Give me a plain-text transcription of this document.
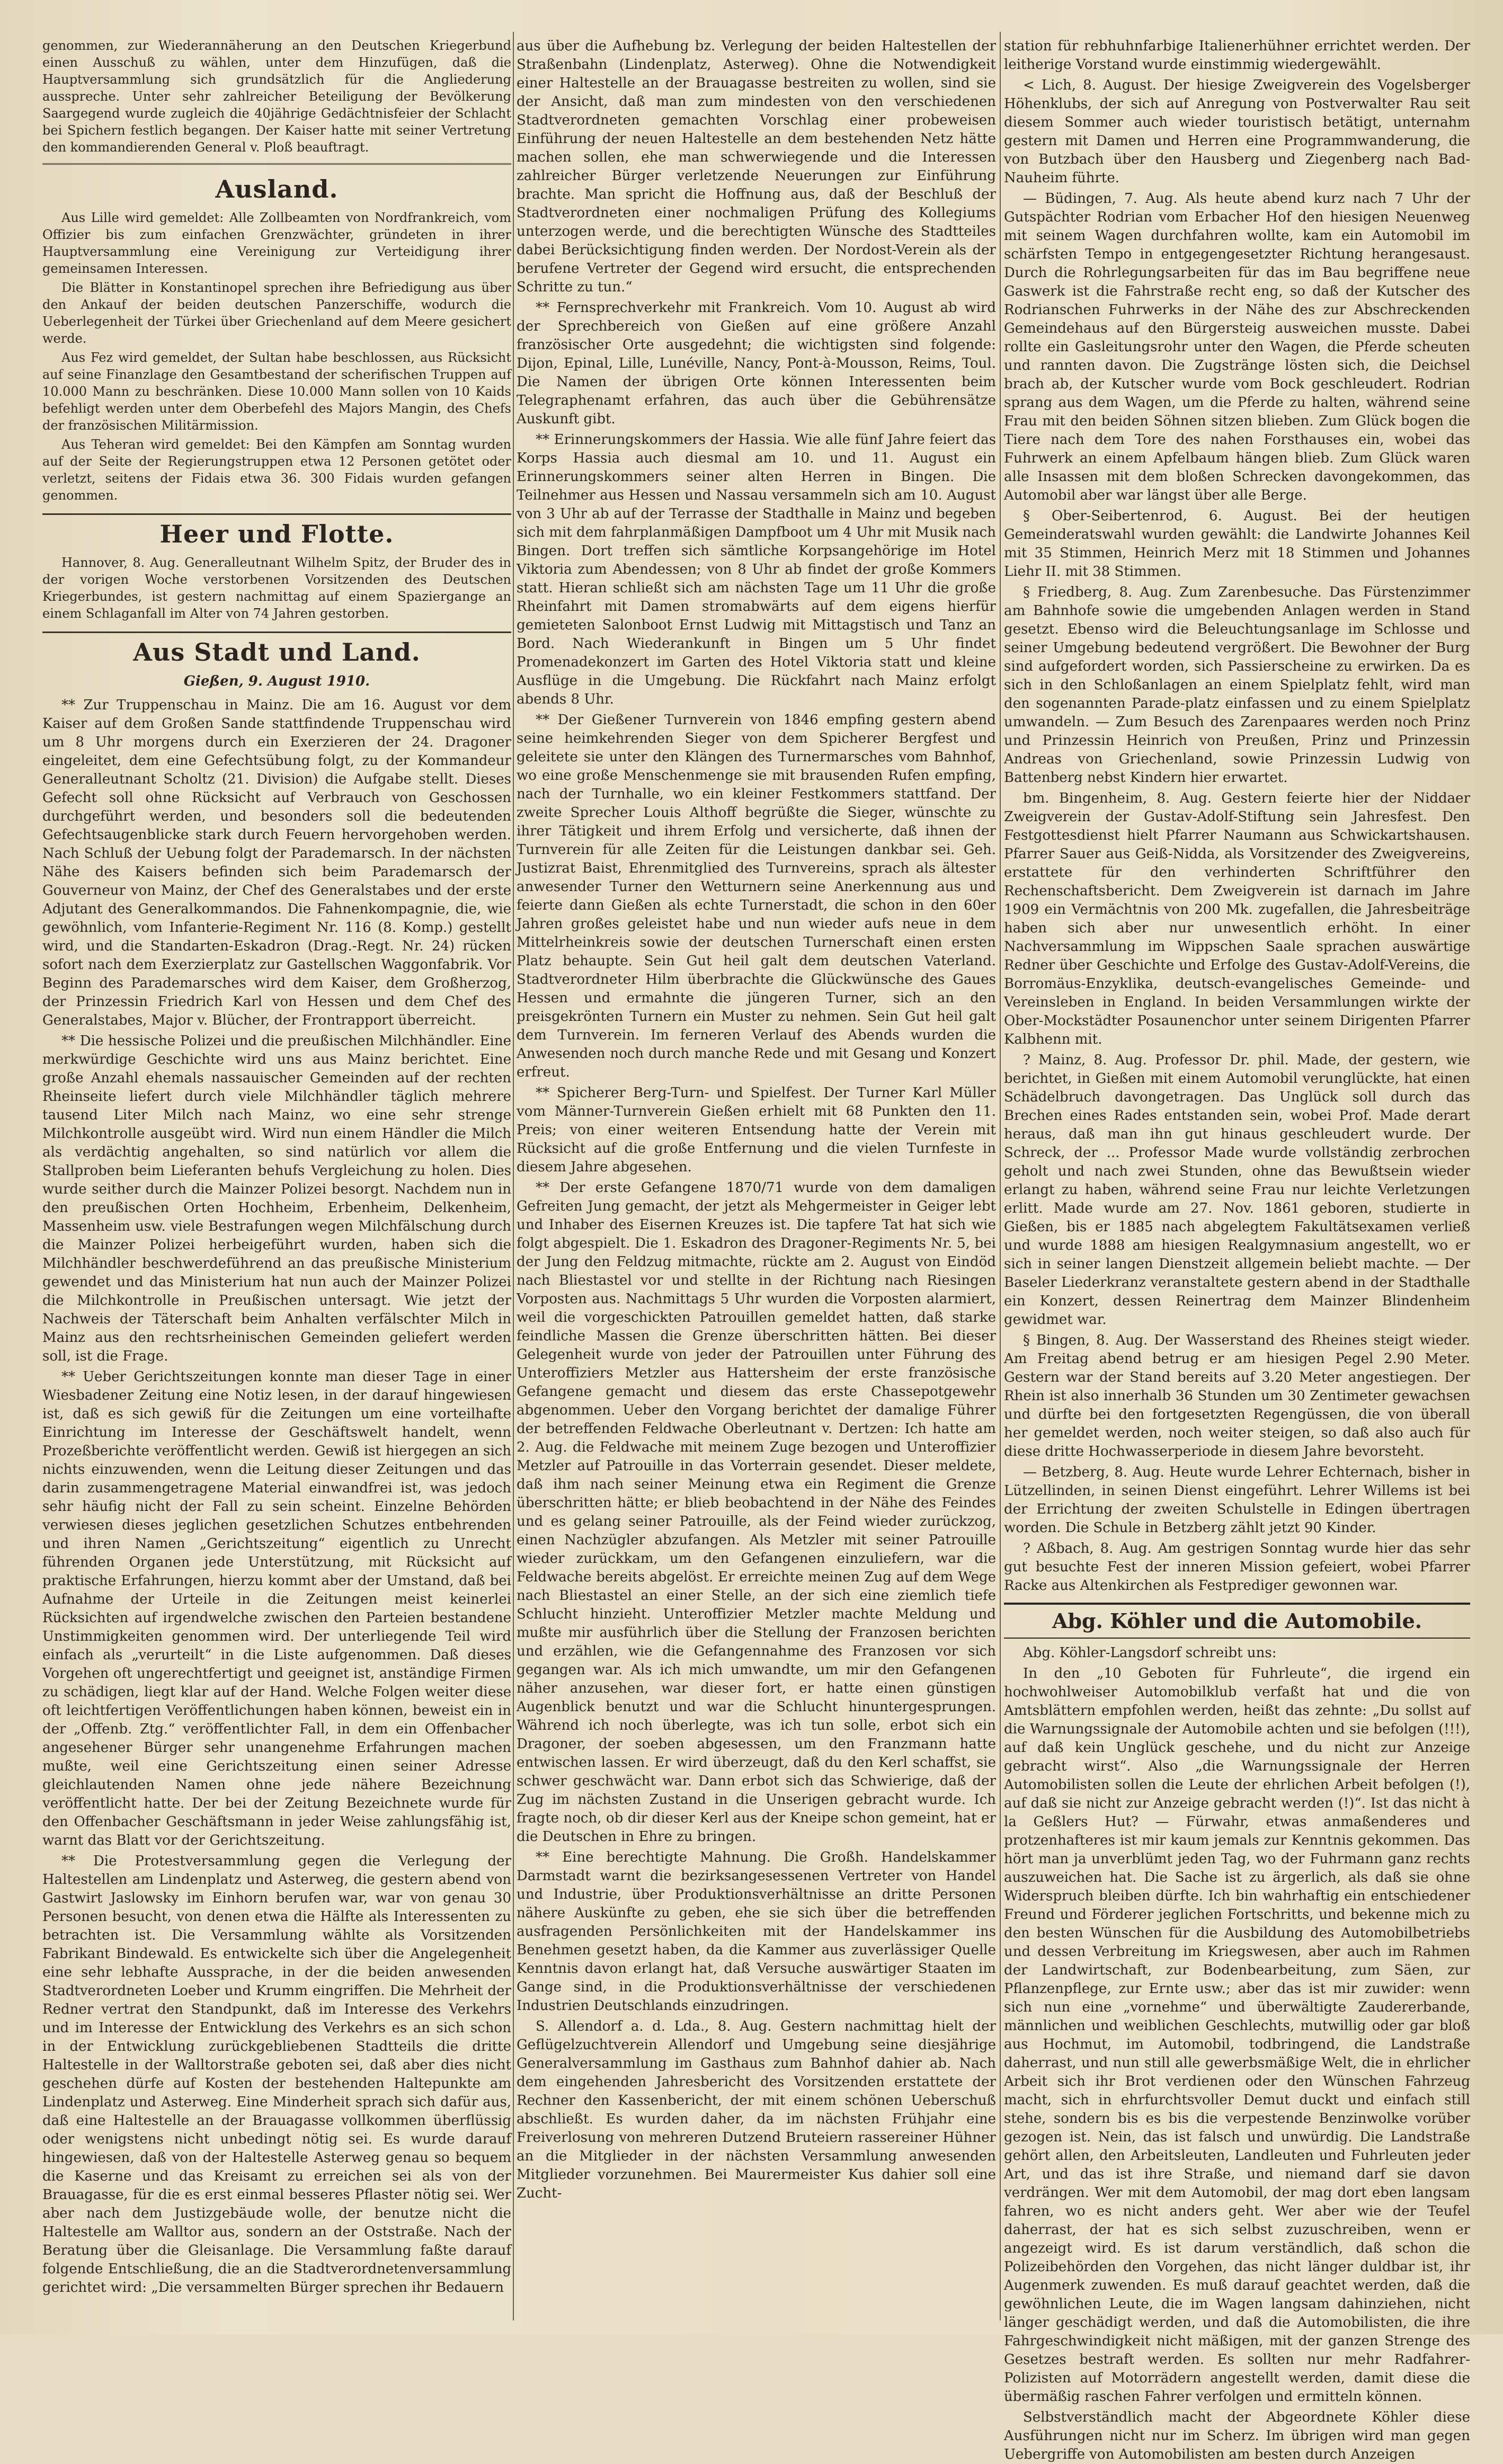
genommen, zur Wiederannäherung an den Deutschen Kriegerbund einen Ausschuß zu wählen, unter dem Hinzufügen, daß die Hauptversammlung sich grundsätzlich für die Angliederung ausspreche. Unter sehr zahlreicher Beteiligung der Bevölkerung Saargegend wurde zugleich die 40jährige Gedächtnisfeier der Schlacht bei Spichern festlich begangen. Der Kaiser hatte mit seiner Vertretung den kommandierenden General v. Ploß beauftragt.

Ausland.

Aus Lille wird gemeldet: Alle Zollbeamten von Nordfrankreich, vom Offizier bis zum einfachen Grenzwächter, gründeten in ihrer Hauptversammlung eine Vereinigung zur Verteidigung ihrer gemeinsamen Interessen.

Die Blätter in Konstantinopel sprechen ihre Befriedigung aus über den Ankauf der beiden deutschen Panzerschiffe, wodurch die Ueberlegenheit der Türkei über Griechenland auf dem Meere gesichert werde.

Aus Fez wird gemeldet, der Sultan habe beschlossen, aus Rücksicht auf seine Finanzlage den Gesamtbestand der scherifischen Truppen auf 10.000 Mann zu beschränken. Diese 10.000 Mann sollen von 10 Kaids befehligt werden unter dem Oberbefehl des Majors Mangin, des Chefs der französischen Militärmission.

Aus Teheran wird gemeldet: Bei den Kämpfen am Sonntag wurden auf der Seite der Regierungstruppen etwa 12 Personen getötet oder verletzt, seitens der Fidais etwa 36. 300 Fidais wurden gefangen genommen.

Heer und Flotte.

Hannover, 8. Aug. Generalleutnant Wilhelm Spitz, der Bruder des in der vorigen Woche verstorbenen Vorsitzenden des Deutschen Kriegerbundes, ist gestern nachmittag auf einem Spaziergange an einem Schlaganfall im Alter von 74 Jahren gestorben.

Aus Stadt und Land.

Gießen, 9. August 1910.

** Zur Truppenschau in Mainz. Die am 16. August vor dem Kaiser auf dem Großen Sande stattfindende Truppenschau wird um 8 Uhr morgens durch ein Exerzieren der 24. Dragoner eingeleitet, dem eine Gefechtsübung folgt, zu der Kommandeur Generalleutnant Scholtz (21. Division) die Aufgabe stellt. Dieses Gefecht soll ohne Rücksicht auf Verbrauch von Geschossen durchgeführt werden, und besonders soll die bedeutenden Gefechtsaugenblicke stark durch Feuern hervorgehoben werden. Nach Schluß der Uebung folgt der Parademarsch. In der nächsten Nähe des Kaisers befinden sich beim Parademarsch der Gouverneur von Mainz, der Chef des Generalstabes und der erste Adjutant des Generalkommandos. Die Fahnenkompagnie, die, wie gewöhnlich, vom Infanterie-Regiment Nr. 116 (8. Komp.) gestellt wird, und die Standarten-Eskadron (Drag.-Regt. Nr. 24) rücken sofort nach dem Exerzierplatz zur Gastellschen Waggonfabrik. Vor Beginn des Parademarsches wird dem Kaiser, dem Großherzog, der Prinzessin Friedrich Karl von Hessen und dem Chef des Generalstabes, Major v. Blücher, der Frontrapport überreicht.

** Die hessische Polizei und die preußischen Milchhändler. Eine merkwürdige Geschichte wird uns aus Mainz berichtet. Eine große Anzahl ehemals nassauischer Gemeinden auf der rechten Rheinseite liefert durch viele Milchhändler täglich mehrere tausend Liter Milch nach Mainz, wo eine sehr strenge Milchkontrolle ausgeübt wird. Wird nun einem Händler die Milch als verdächtig angehalten, so sind natürlich vor allem die Stallproben beim Lieferanten behufs Vergleichung zu holen. Dies wurde seither durch die Mainzer Polizei besorgt. Nachdem nun in den preußischen Orten Hochheim, Erbenheim, Delkenheim, Massenheim usw. viele Bestrafungen wegen Milchfälschung durch die Mainzer Polizei herbeigeführt wurden, haben sich die Milchhändler beschwerdeführend an das preußische Ministerium gewendet und das Ministerium hat nun auch der Mainzer Polizei die Milchkontrolle in Preußischen untersagt. Wie jetzt der Nachweis der Täterschaft beim Anhalten verfälschter Milch in Mainz aus den rechtsrheinischen Gemeinden geliefert werden soll, ist die Frage.

** Ueber Gerichtszeitungen konnte man dieser Tage in einer Wiesbadener Zeitung eine Notiz lesen, in der darauf hingewiesen ist, daß es sich gewiß für die Zeitungen um eine vorteilhafte Einrichtung im Interesse der Geschäftswelt handelt, wenn Prozeßberichte veröffentlicht werden. Gewiß ist hiergegen an sich nichts einzuwenden, wenn die Leitung dieser Zeitungen und das darin zusammengetragene Material einwandfrei ist, was jedoch sehr häufig nicht der Fall zu sein scheint. Einzelne Behörden verwiesen dieses jeglichen gesetzlichen Schutzes entbehrenden und ihren Namen „Gerichtszeitung“ eigentlich zu Unrecht führenden Organen jede Unterstützung, mit Rücksicht auf praktische Erfahrungen, hierzu kommt aber der Umstand, daß bei Aufnahme der Urteile in die Zeitungen meist keinerlei Rücksichten auf irgendwelche zwischen den Parteien bestandene Unstimmigkeiten genommen wird. Der unterliegende Teil wird einfach als „verurteilt“ in die Liste aufgenommen. Daß dieses Vorgehen oft ungerechtfertigt und geeignet ist, anständige Firmen zu schädigen, liegt klar auf der Hand. Welche Folgen weiter diese oft leichtfertigen Veröffentlichungen haben können, beweist ein in der „Offenb. Ztg.“ veröffentlichter Fall, in dem ein Offenbacher angesehener Bürger sehr unangenehme Erfahrungen machen mußte, weil eine Gerichtszeitung einen seiner Adresse gleichlautenden Namen ohne jede nähere Bezeichnung veröffentlicht hatte. Der bei der Zeitung Bezeichnete wurde für den Offenbacher Geschäftsmann in jeder Weise zahlungsfähig ist, warnt das Blatt vor der Gerichtszeitung.

** Die Protestversammlung gegen die Verlegung der Haltestellen am Lindenplatz und Asterweg, die gestern abend von Gastwirt Jaslowsky im Einhorn berufen war, war von genau 30 Personen besucht, von denen etwa die Hälfte als Interessenten zu betrachten ist. Die Versammlung wählte als Vorsitzenden Fabrikant Bindewald. Es entwickelte sich über die Angelegenheit eine sehr lebhafte Aussprache, in der die beiden anwesenden Stadtverordneten Loeber und Krumm eingriffen. Die Mehrheit der Redner vertrat den Standpunkt, daß im Interesse des Verkehrs und im Interesse der Entwicklung des Verkehrs es an sich schon in der Entwicklung zurückgebliebenen Stadtteils die dritte Haltestelle in der Walltorstraße geboten sei, daß aber dies nicht geschehen dürfe auf Kosten der bestehenden Haltepunkte am Lindenplatz und Asterweg. Eine Minderheit sprach sich dafür aus, daß eine Haltestelle an der Brauagasse vollkommen überflüssig oder wenigstens nicht unbedingt nötig sei. Es wurde darauf hingewiesen, daß von der Haltestelle Asterweg genau so bequem die Kaserne und das Kreisamt zu erreichen sei als von der Brauagasse, für die es erst einmal besseres Pflaster nötig sei. Wer aber nach dem Justizgebäude wolle, der benutze nicht die Haltestelle am Walltor aus, sondern an der Oststraße. Nach der Beratung über die Gleisanlage. Die Versammlung faßte darauf folgende Entschließung, die an die Stadtverordnetenversammlung gerichtet wird: „Die versammelten Bürger sprechen ihr Bedauern

aus über die Aufhebung bz. Verlegung der beiden Haltestellen der Straßenbahn (Lindenplatz, Asterweg). Ohne die Notwendigkeit einer Haltestelle an der Brauagasse bestreiten zu wollen, sind sie der Ansicht, daß man zum mindesten von den verschiedenen Stadtverordneten gemachten Vorschlag einer probeweisen Einführung der neuen Haltestelle an dem bestehenden Netz hätte machen sollen, ehe man schwerwiegende und die Interessen zahlreicher Bürger verletzende Neuerungen zur Einführung brachte. Man spricht die Hoffnung aus, daß der Beschluß der Stadtverordneten einer nochmaligen Prüfung des Kollegiums unterzogen werde, und die berechtigten Wünsche des Stadtteiles dabei Berücksichtigung finden werden. Der Nordost-Verein als der berufene Vertreter der Gegend wird ersucht, die entsprechenden Schritte zu tun.“

** Fernsprechverkehr mit Frankreich. Vom 10. August ab wird der Sprechbereich von Gießen auf eine größere Anzahl französischer Orte ausgedehnt; die wichtigsten sind folgende: Dijon, Epinal, Lille, Lunéville, Nancy, Pont-à-Mousson, Reims, Toul. Die Namen der übrigen Orte können Interessenten beim Telegraphenamt erfahren, das auch über die Gebührensätze Auskunft gibt.

** Erinnerungskommers der Hassia. Wie alle fünf Jahre feiert das Korps Hassia auch diesmal am 10. und 11. August ein Erinnerungskommers seiner alten Herren in Bingen. Die Teilnehmer aus Hessen und Nassau versammeln sich am 10. August von 3 Uhr ab auf der Terrasse der Stadthalle in Mainz und begeben sich mit dem fahrplanmäßigen Dampfboot um 4 Uhr mit Musik nach Bingen. Dort treffen sich sämtliche Korpsangehörige im Hotel Viktoria zum Abendessen; von 8 Uhr ab findet der große Kommers statt. Hieran schließt sich am nächsten Tage um 11 Uhr die große Rheinfahrt mit Damen stromabwärts auf dem eigens hierfür gemieteten Salonboot Ernst Ludwig mit Mittagstisch und Tanz an Bord. Nach Wiederankunft in Bingen um 5 Uhr findet Promenadekonzert im Garten des Hotel Viktoria statt und kleine Ausflüge in die Umgebung. Die Rückfahrt nach Mainz erfolgt abends 8 Uhr.

** Der Gießener Turnverein von 1846 empfing gestern abend seine heimkehrenden Sieger von dem Spicherer Bergfest und geleitete sie unter den Klängen des Turnermarsches vom Bahnhof, wo eine große Menschenmenge sie mit brausenden Rufen empfing, nach der Turnhalle, wo ein kleiner Festkommers stattfand. Der zweite Sprecher Louis Althoff begrüßte die Sieger, wünschte zu ihrer Tätigkeit und ihrem Erfolg und versicherte, daß ihnen der Turnverein für alle Zeiten für die Leistungen dankbar sei. Geh. Justizrat Baist, Ehrenmitglied des Turnvereins, sprach als ältester anwesender Turner den Wetturnern seine Anerkennung aus und feierte dann Gießen als echte Turnerstadt, die schon in den 60er Jahren großes geleistet habe und nun wieder aufs neue in dem Mittelrheinkreis sowie der deutschen Turnerschaft einen ersten Platz behaupte. Sein Gut heil galt dem deutschen Vaterland. Stadtverordneter Hilm überbrachte die Glückwünsche des Gaues Hessen und ermahnte die jüngeren Turner, sich an den preisgekrönten Turnern ein Muster zu nehmen. Sein Gut heil galt dem Turnverein. Im ferneren Verlauf des Abends wurden die Anwesenden noch durch manche Rede und mit Gesang und Konzert erfreut.

** Spicherer Berg-Turn- und Spielfest. Der Turner Karl Müller vom Männer-Turnverein Gießen erhielt mit 68 Punkten den 11. Preis; von einer weiteren Entsendung hatte der Verein mit Rücksicht auf die große Entfernung und die vielen Turnfeste in diesem Jahre abgesehen.

** Der erste Gefangene 1870/71 wurde von dem damaligen Gefreiten Jung gemacht, der jetzt als Mehgermeister in Geiger lebt und Inhaber des Eisernen Kreuzes ist. Die tapfere Tat hat sich wie folgt abgespielt. Die 1. Eskadron des Dragoner-Regiments Nr. 5, bei der Jung den Feldzug mitmachte, rückte am 2. August von Eindöd nach Bliestastel vor und stellte in der Richtung nach Riesingen Vorposten aus. Nachmittags 5 Uhr wurden die Vorposten alarmiert, weil die vorgeschickten Patrouillen gemeldet hatten, daß starke feindliche Massen die Grenze überschritten hätten. Bei dieser Gelegenheit wurde von jeder der Patrouillen unter Führung des Unteroffiziers Metzler aus Hattersheim der erste französische Gefangene gemacht und diesem das erste Chassepotgewehr abgenommen. Ueber den Vorgang berichtet der damalige Führer der betreffenden Feldwache Oberleutnant v. Dertzen: Ich hatte am 2. Aug. die Feldwache mit meinem Zuge bezogen und Unteroffizier Metzler auf Patrouille in das Vorterrain gesendet. Dieser meldete, daß ihm nach seiner Meinung etwa ein Regiment die Grenze überschritten hätte; er blieb beobachtend in der Nähe des Feindes und es gelang seiner Patrouille, als der Feind wieder zurückzog, einen Nachzügler abzufangen. Als Metzler mit seiner Patrouille wieder zurückkam, um den Gefangenen einzuliefern, war die Feldwache bereits abgelöst. Er erreichte meinen Zug auf dem Wege nach Bliestastel an einer Stelle, an der sich eine ziemlich tiefe Schlucht hinzieht. Unteroffizier Metzler machte Meldung und mußte mir ausführlich über die Stellung der Franzosen berichten und erzählen, wie die Gefangennahme des Franzosen vor sich gegangen war. Als ich mich umwandte, um mir den Gefangenen näher anzusehen, war dieser fort, er hatte einen günstigen Augenblick benutzt und war die Schlucht hinuntergesprungen. Während ich noch überlegte, was ich tun solle, erbot sich ein Dragoner, der soeben abgesessen, um den Franzmann hatte entwischen lassen. Er wird überzeugt, daß du den Kerl schaffst, sie schwer geschwächt war. Dann erbot sich das Schwierige, daß der Zug im nächsten Zustand in die Unserigen gebracht wurde. Ich fragte noch, ob dir dieser Kerl aus der Kneipe schon gemeint, hat er die Deutschen in Ehre zu bringen.

** Eine berechtigte Mahnung. Die Großh. Handelskammer Darmstadt warnt die bezirksangesessenen Vertreter von Handel und Industrie, über Produktionsverhältnisse an dritte Personen nähere Auskünfte zu geben, ehe sie sich über die betreffenden ausfragenden Persönlichkeiten mit der Handelskammer ins Benehmen gesetzt haben, da die Kammer aus zuverlässiger Quelle Kenntnis davon erlangt hat, daß Versuche auswärtiger Staaten im Gange sind, in die Produktionsverhältnisse der verschiedenen Industrien Deutschlands einzudringen.

S. Allendorf a. d. Lda., 8. Aug. Gestern nachmittag hielt der Geflügelzuchtverein Allendorf und Umgebung seine diesjährige Generalversammlung im Gasthaus zum Bahnhof dahier ab. Nach dem eingehenden Jahresbericht des Vorsitzenden erstattete der Rechner den Kassenbericht, der mit einem schönen Ueberschuß abschließt. Es wurden daher, da im nächsten Frühjahr eine Freiverlosung von mehreren Dutzend Bruteiern rassereiner Hühner an die Mitglieder in der nächsten Versammlung anwesenden Mitglieder vorzunehmen. Bei Maurermeister Kus dahier soll eine Zucht-

station für rebhuhnfarbige Italienerhühner errichtet werden. Der leitherige Vorstand wurde einstimmig wiedergewählt.

< Lich, 8. August. Der hiesige Zweigverein des Vogelsberger Höhenklubs, der sich auf Anregung von Postverwalter Rau seit diesem Sommer auch wieder touristisch betätigt, unternahm gestern mit Damen und Herren eine Programmwanderung, die von Butzbach über den Hausberg und Ziegenberg nach Bad-Nauheim führte.

— Büdingen, 7. Aug. Als heute abend kurz nach 7 Uhr der Gutspächter Rodrian vom Erbacher Hof den hiesigen Neuenweg mit seinem Wagen durchfahren wollte, kam ein Automobil im schärfsten Tempo in entgegengesetzter Richtung herangesaust. Durch die Rohrlegungsarbeiten für das im Bau begriffene neue Gaswerk ist die Fahrstraße recht eng, so daß der Kutscher des Rodrianschen Fuhrwerks in der Nähe des zur Abschreckenden Gemeindehaus auf den Bürgersteig ausweichen musste. Dabei rollte ein Gasleitungsrohr unter den Wagen, die Pferde scheuten und rannten davon. Die Zugstränge lösten sich, die Deichsel brach ab, der Kutscher wurde vom Bock geschleudert. Rodrian sprang aus dem Wagen, um die Pferde zu halten, während seine Frau mit den beiden Söhnen sitzen blieben. Zum Glück bogen die Tiere nach dem Tore des nahen Forsthauses ein, wobei das Fuhrwerk an einem Apfelbaum hängen blieb. Zum Glück waren alle Insassen mit dem bloßen Schrecken davongekommen, das Automobil aber war längst über alle Berge.

§ Ober-Seibertenrod, 6. August. Bei der heutigen Gemeinderatswahl wurden gewählt: die Landwirte Johannes Keil mit 35 Stimmen, Heinrich Merz mit 18 Stimmen und Johannes Liehr II. mit 38 Stimmen.

§ Friedberg, 8. Aug. Zum Zarenbesuche. Das Fürstenzimmer am Bahnhofe sowie die umgebenden Anlagen werden in Stand gesetzt. Ebenso wird die Beleuchtungsanlage im Schlosse und seiner Umgebung bedeutend vergrößert. Die Bewohner der Burg sind aufgefordert worden, sich Passierscheine zu erwirken. Da es sich in den Schloßanlagen an einem Spielplatz fehlt, wird man den sogenannten Parade-platz einfassen und zu einem Spielplatz umwandeln. — Zum Besuch des Zarenpaares werden noch Prinz und Prinzessin Heinrich von Preußen, Prinz und Prinzessin Andreas von Griechenland, sowie Prinzessin Ludwig von Battenberg nebst Kindern hier erwartet.

bm. Bingenheim, 8. Aug. Gestern feierte hier der Niddaer Zweigverein der Gustav-Adolf-Stiftung sein Jahresfest. Den Festgottesdienst hielt Pfarrer Naumann aus Schwickartshausen. Pfarrer Sauer aus Geiß-Nidda, als Vorsitzender des Zweigvereins, erstattete für den verhinderten Schriftführer den Rechenschaftsbericht. Dem Zweigverein ist darnach im Jahre 1909 ein Vermächtnis von 200 Mk. zugefallen, die Jahresbeiträge haben sich aber nur unwesentlich erhöht. In einer Nachversammlung im Wippschen Saale sprachen auswärtige Redner über Geschichte und Erfolge des Gustav-Adolf-Vereins, die Borromäus-Enzyklika, deutsch-evangelisches Gemeinde- und Vereinsleben in England. In beiden Versammlungen wirkte der Ober-Mockstädter Posaunenchor unter seinem Dirigenten Pfarrer Kalbhenn mit.

? Mainz, 8. Aug. Professor Dr. phil. Made, der gestern, wie berichtet, in Gießen mit einem Automobil verunglückte, hat einen Schädelbruch davongetragen. Das Unglück soll durch das Brechen eines Rades entstanden sein, wobei Prof. Made derart heraus, daß man ihn gut hinaus geschleudert wurde. Der Schreck, der ... Professor Made wurde vollständig zerbrochen geholt und nach zwei Stunden, ohne das Bewußtsein wieder erlangt zu haben, während seine Frau nur leichte Verletzungen erlitt. Made wurde am 27. Nov. 1861 geboren, studierte in Gießen, bis er 1885 nach abgelegtem Fakultätsexamen verließ und wurde 1888 am hiesigen Realgymnasium angestellt, wo er sich in seiner langen Dienstzeit allgemein beliebt machte. — Der Baseler Liederkranz veranstaltete gestern abend in der Stadthalle ein Konzert, dessen Reinertrag dem Mainzer Blindenheim gewidmet war.

§ Bingen, 8. Aug. Der Wasserstand des Rheines steigt wieder. Am Freitag abend betrug er am hiesigen Pegel 2.90 Meter. Gestern war der Stand bereits auf 3.20 Meter angestiegen. Der Rhein ist also innerhalb 36 Stunden um 30 Zentimeter gewachsen und dürfte bei den fortgesetzten Regengüssen, die von überall her gemeldet werden, noch weiter steigen, so daß also auch für diese dritte Hochwasserperiode in diesem Jahre bevorsteht.

— Betzberg, 8. Aug. Heute wurde Lehrer Echternach, bisher in Lützellinden, in seinen Dienst eingeführt. Lehrer Willems ist bei der Errichtung der zweiten Schulstelle in Edingen übertragen worden. Die Schule in Betzberg zählt jetzt 90 Kinder.

? Aßbach, 8. Aug. Am gestrigen Sonntag wurde hier das sehr gut besuchte Fest der inneren Mission gefeiert, wobei Pfarrer Racke aus Altenkirchen als Festprediger gewonnen war.

Abg. Köhler und die Automobile.

Abg. Köhler-Langsdorf schreibt uns:

In den „10 Geboten für Fuhrleute“, die irgend ein hochwohlweiser Automobilklub verfaßt hat und die von Amtsblättern empfohlen werden, heißt das zehnte: „Du sollst auf die Warnungssignale der Automobile achten und sie befolgen (!!!), auf daß kein Unglück geschehe, und du nicht zur Anzeige gebracht wirst“. Also „die Warnungssignale der Herren Automobilisten sollen die Leute der ehrlichen Arbeit befolgen (!), auf daß sie nicht zur Anzeige gebracht werden (!)“. Ist das nicht à la Geßlers Hut? — Fürwahr, etwas anmaßenderes und protzenhafteres ist mir kaum jemals zur Kenntnis gekommen. Das hört man ja unverblümt jeden Tag, wo der Fuhrmann ganz rechts auszuweichen hat. Die Sache ist zu ärgerlich, als daß sie ohne Widerspruch bleiben dürfte. Ich bin wahrhaftig ein entschiedener Freund und Förderer jeglichen Fortschritts, und bekenne mich zu den besten Wünschen für die Ausbildung des Automobilbetriebs und dessen Verbreitung im Kriegswesen, aber auch im Rahmen der Landwirtschaft, zur Bodenbearbeitung, zum Säen, zur Pflanzenpflege, zur Ernte usw.; aber das ist mir zuwider: wenn sich nun eine „vornehme“ und überwältigte Zaudererbande, männlichen und weiblichen Geschlechts, mutwillig oder gar bloß aus Hochmut, im Automobil, todbringend, die Landstraße daherrast, und nun still alle gewerbsmäßige Welt, die in ehrlicher Arbeit sich ihr Brot verdienen oder den Wünschen Fahrzeug macht, sich in ehrfurchtsvoller Demut duckt und einfach still stehe, sondern bis es bis die verpestende Benzinwolke vorüber gezogen ist. Nein, das ist falsch und unwürdig. Die Landstraße gehört allen, den Arbeitsleuten, Landleuten und Fuhrleuten jeder Art, und das ist ihre Straße, und niemand darf sie davon verdrängen. Wer mit dem Automobil, der mag dort eben langsam fahren, wo es nicht anders geht. Wer aber wie der Teufel daherrast, der hat es sich selbst zuzuschreiben, wenn er angezeigt wird. Es ist darum verständlich, daß schon die Polizeibehörden den Vorgehen, das nicht länger duldbar ist, ihr Augenmerk zuwenden. Es muß darauf geachtet werden, daß die gewöhnlichen Leute, die im Wagen langsam dahinziehen, nicht länger geschädigt werden, und daß die Automobilisten, die ihre Fahrgeschwindigkeit nicht mäßigen, mit der ganzen Strenge des Gesetzes bestraft werden. Es sollten nur mehr Radfahrer-Polizisten auf Motorrädern angestellt werden, damit diese die übermäßig raschen Fahrer verfolgen und ermitteln können.

Selbstverständlich macht der Abgeordnete Köhler diese Ausführungen nicht nur im Scherz. Im übrigen wird man gegen Uebergriffe von Automobilisten am besten durch Anzeigen
